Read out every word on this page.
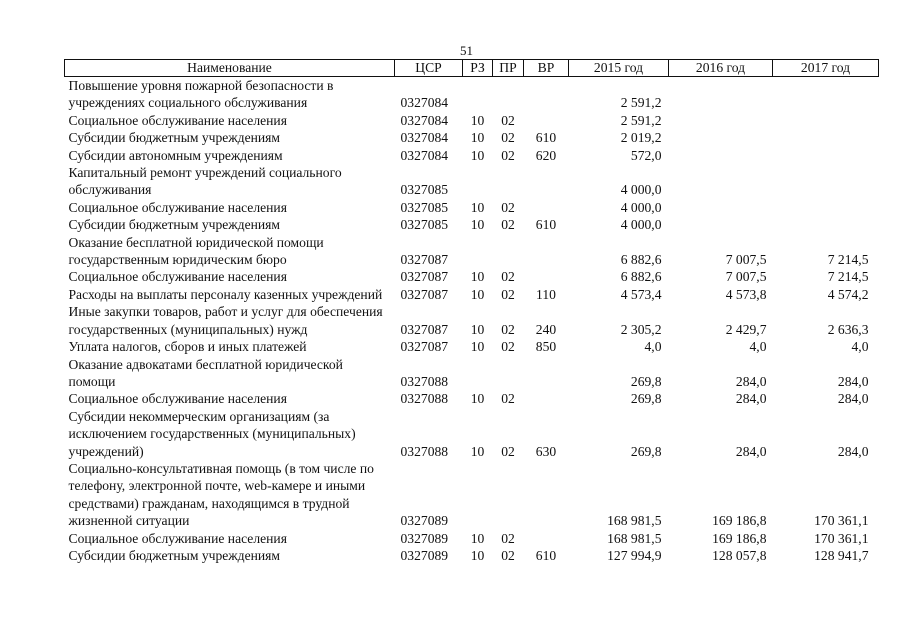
51
Наименование	ЦСР	РЗ	ПР	ВР	2015 год	2016 год	2017 год
Повышение уровня пожарной безопасности в учреждениях социального обслуживания	0327084				2 591,2		
Социальное обслуживание населения	0327084	10	02		2 591,2		
Субсидии бюджетным учреждениям	0327084	10	02	610	2 019,2		
Субсидии автономным учреждениям	0327084	10	02	620	572,0		
Капитальный ремонт учреждений социального обслуживания	0327085				4 000,0		
Социальное обслуживание населения	0327085	10	02		4 000,0		
Субсидии бюджетным учреждениям	0327085	10	02	610	4 000,0		
Оказание бесплатной юридической помощи государственным юридическим бюро	0327087				6 882,6	7 007,5	7 214,5
Социальное обслуживание населения	0327087	10	02		6 882,6	7 007,5	7 214,5
Расходы на выплаты персоналу казенных учреждений	0327087	10	02	110	4 573,4	4 573,8	4 574,2
Иные закупки товаров, работ и услуг для обеспечения государственных (муниципальных) нужд	0327087	10	02	240	2 305,2	2 429,7	2 636,3
Уплата налогов, сборов и иных платежей	0327087	10	02	850	4,0	4,0	4,0
Оказание адвокатами бесплатной юридической помощи	0327088				269,8	284,0	284,0
Социальное обслуживание населения	0327088	10	02		269,8	284,0	284,0
Субсидии некоммерческим организациям (за исключением государственных (муниципальных) учреждений)	0327088	10	02	630	269,8	284,0	284,0
Социально-консультативная помощь (в том числе по телефону, электронной почте, web-камере и иными средствами) гражданам, находящимся в трудной жизненной ситуации	0327089				168 981,5	169 186,8	170 361,1
Социальное обслуживание населения	0327089	10	02		168 981,5	169 186,8	170 361,1
Субсидии бюджетным учреждениям	0327089	10	02	610	127 994,9	128 057,8	128 941,7
